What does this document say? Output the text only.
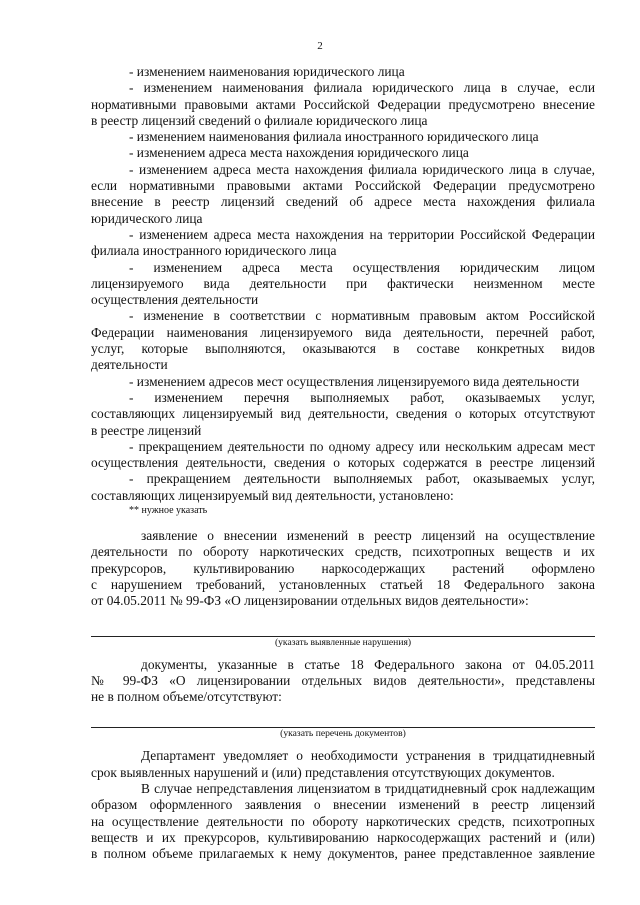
2
- изменением наименования юридического лица
- изменением наименования филиала юридического лица в случае, если
нормативными правовыми актами Российской Федерации предусмотрено внесение
в реестр лицензий сведений о филиале юридического лица
- изменением наименования филиала иностранного юридического лица
- изменением адреса места нахождения юридического лица
- изменением адреса места нахождения филиала юридического лица в случае,
если нормативными правовыми актами Российской Федерации предусмотрено
внесение в реестр лицензий сведений об адресе места нахождения филиала
юридического лица
- изменением адреса места нахождения на территории Российской Федерации
филиала иностранного юридического лица
- изменением адреса места осуществления юридическим лицом
лицензируемого вида деятельности при фактически неизменном месте
осуществления деятельности
- изменение в соответствии с нормативным правовым актом Российской
Федерации наименования лицензируемого вида деятельности, перечней работ,
услуг, которые выполняются, оказываются в составе конкретных видов
деятельности
- изменением адресов мест осуществления лицензируемого вида деятельности
- изменением перечня выполняемых работ, оказываемых услуг,
составляющих лицензируемый вид деятельности, сведения о которых отсутствуют
в реестре лицензий
- прекращением деятельности по одному адресу или нескольким адресам мест
осуществления деятельности, сведения о которых содержатся в реестре лицензий
- прекращением деятельности выполняемых работ, оказываемых услуг,
составляющих лицензируемый вид деятельности, установлено:
** нужное указать
заявление о внесении изменений в реестр лицензий на осуществление
деятельности по обороту наркотических средств, психотропных веществ и их
прекурсоров, культивированию наркосодержащих растений оформлено
с нарушением требований, установленных статьей 18 Федерального закона
от 04.05.2011 № 99-ФЗ «О лицензировании отдельных видов деятельности»:
(указать выявленные нарушения)
документы, указанные в статье 18 Федерального закона от 04.05.2011
№ 99-ФЗ «О лицензировании отдельных видов деятельности», представлены
не в полном объеме/отсутствуют:
(указать перечень документов)
Департамент уведомляет о необходимости устранения в тридцатидневный
срок выявленных нарушений и (или) представления отсутствующих документов.
В случае непредставления лицензиатом в тридцатидневный срок надлежащим
образом оформленного заявления о внесении изменений в реестр лицензий
на осуществление деятельности по обороту наркотических средств, психотропных
веществ и их прекурсоров, культивированию наркосодержащих растений и (или)
в полном объеме прилагаемых к нему документов, ранее представленное заявление
